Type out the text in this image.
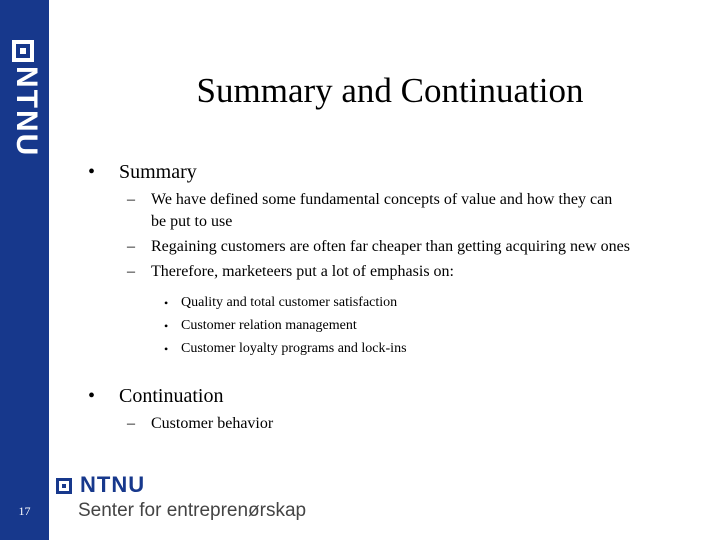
NTNU
17
Summary and Continuation
• Summary
– We have defined some fundamental concepts of value and how they can
be put to use
– Regaining customers are often far cheaper than getting acquiring new ones
– Therefore, marketeers put a lot of emphasis on:
• Quality and total customer satisfaction
• Customer relation management
• Customer loyalty programs and lock-ins
• Continuation
– Customer behavior
NTNU
Senter for entreprenørskap
